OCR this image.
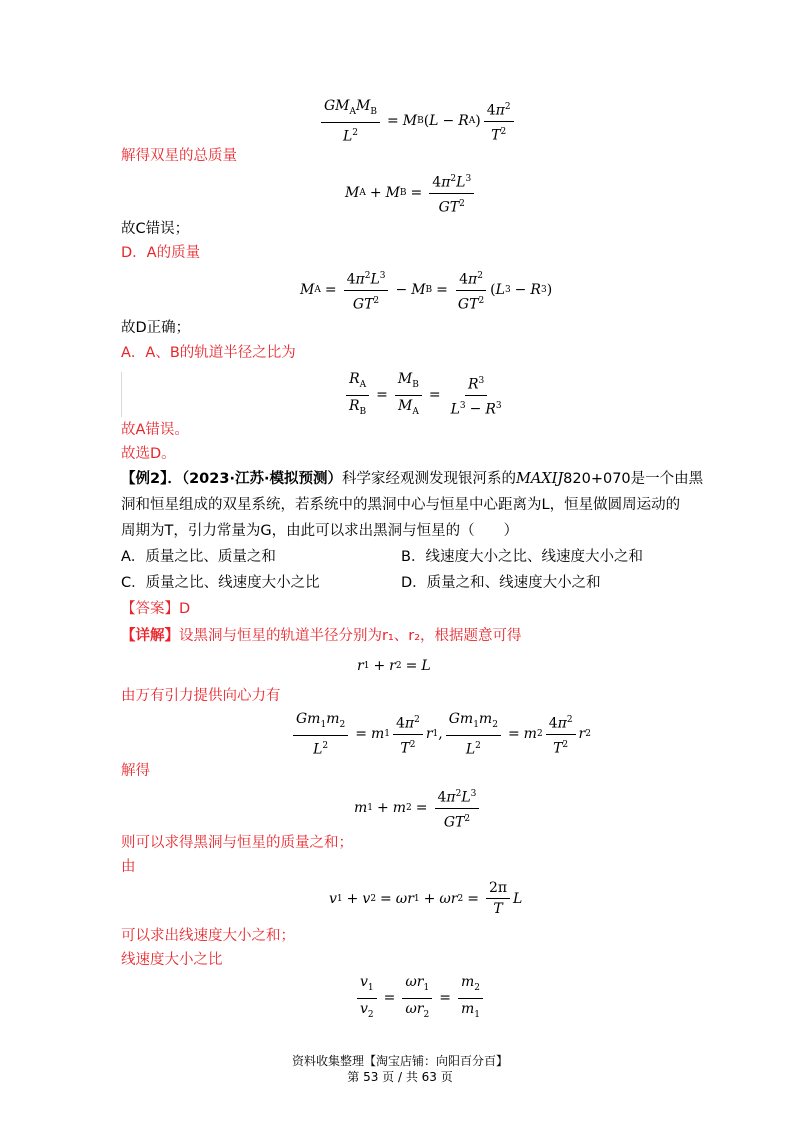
$\frac{GM_AM_B}{L^2} = M$ B ( L − R A ) $\frac{4\pi^2}{T^2}$
解得双星的总质量
M A + M $B = \frac{4\pi^2L^3}{GT^2}$
故C错误；
D．A的质量
M $A = \frac{4\pi^2L^3}{GT^2} - M$ $B = \frac{4\pi^2}{GT^2}$ ( L 3 − R 3 )
故D正确；
A．A、B的轨道半径之比为
$\frac{R_A}{R_B} = \frac{M_B}{M_A} = \frac{R^3}{L^3 - R^3}$
故A错误。
故选D。
【例2】．（2023·江苏·模拟预测）科学家经观测发现银河系的MAXIJ820+070是一个由黑
洞和恒星组成的双星系统，若系统中的黑洞中心与恒星中心距离为L，恒星做圆周运动的
周期为T，引力常量为G，由此可以求出黑洞与恒星的（　　）
A．质量之比、质量之和	B．线速度大小之比、线速度大小之和
C．质量之比、线速度大小之比	D．质量之和、线速度大小之和
【答案】D
【详解】设黑洞与恒星的轨道半径分别为r₁、r₂，根据题意可得
r 1 + r 2 = L
由万有引力提供向心力有
$\frac{Gm_1m_2}{L^2} = m$ $1 \frac{4\pi^2}{T^2}$ r 1 , $\frac{Gm_1m_2}{L^2} = m$ $2 \frac{4\pi^2}{T^2}$ r 2
解得
m 1 + m $2 = \frac{4\pi^2L^3}{GT^2}$
则可以求得黑洞与恒星的质量之和；
由
v 1 + v 2 = ωr 1 + ωr $2 = \frac{2\pi}{T}$ L
可以求出线速度大小之和；
线速度大小之比
$\frac{v_1}{v_2} = \frac{\omega r_1}{\omega r_2} = \frac{m_2}{m_1}$
资料收集整理【淘宝店铺：向阳百分百】
第 53 页 / 共 63 页
